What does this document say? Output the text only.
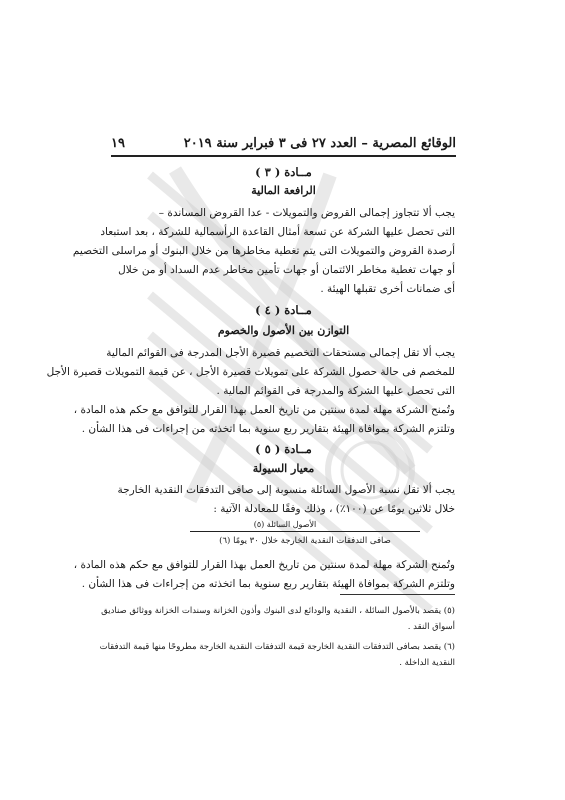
الوقائع المصرية – العدد ٢٧ فى ٣ فبراير سنة ٢٠١٩
١٩
مــادة ( ٣ )
الرافعة المالية
يجب ألا تتجاوز إجمالى القروض والتمويلات - عدا القروض المساندة –
التى تحصل عليها الشركة عن تسعة أمثال القاعدة الرأسمالية للشركة ، بعد استبعاد
أرصدة القروض والتمويلات التى يتم تغطية مخاطرها من خلال البنوك أو مراسلى التخصيم
أو جهات تغطية مخاطر الائتمان أو جهات تأمين مخاطر عدم السداد أو من خلال
أى ضمانات أخرى تقبلها الهيئة .
مــادة ( ٤ )
التوازن بين الأصول والخصوم
يجب ألا تقل إجمالى مستحقات التخصيم قصيرة الأجل المدرجة فى القوائم المالية
للمخصم فى حالة حصول الشركة على تمويلات قصيرة الأجل ، عن قيمة التمويلات قصيرة الأجل
التى تحصل عليها الشركة والمدرجة فى القوائم المالية .
وتُمنح الشركة مهلة لمدة سنتين من تاريخ العمل بهذا القرار للتوافق مع حكم هذه المادة ،
وتلتزم الشركة بموافاة الهيئة بتقارير ربع سنوية بما اتخذته من إجراءات فى هذا الشأن .
مــادة ( ٥ )
معيار السيولة
يجب ألا تقل نسبة الأصول السائلة منسوبة إلى صافى التدفقات النقدية الخارجة
خلال ثلاثين يومًا عن (١٠٠٪) ، وذلك وفقًا للمعادلة الآتية :
الأصول السائلة (٥)
صافى التدفقات النقدية الخارجة خلال ٣٠ يومًا (٦)
وتُمنح الشركة مهلة لمدة سنتين من تاريخ العمل بهذا القرار للتوافق مع حكم هذه المادة ،
وتلتزم الشركة بموافاة الهيئة بتقارير ربع سنوية بما اتخذته من إجراءات فى هذا الشأن .
(٥) يقصد بالأصول السائلة ، النقدية والودائع لدى البنوك وأذون الخزانة وسندات الخزانة ووثائق صناديق
أسواق النقد .
(٦) يقصد بصافى التدفقات النقدية الخارجة قيمة التدفقات النقدية الخارجة مطروحًا منها قيمة التدفقات
النقدية الداخلة .
